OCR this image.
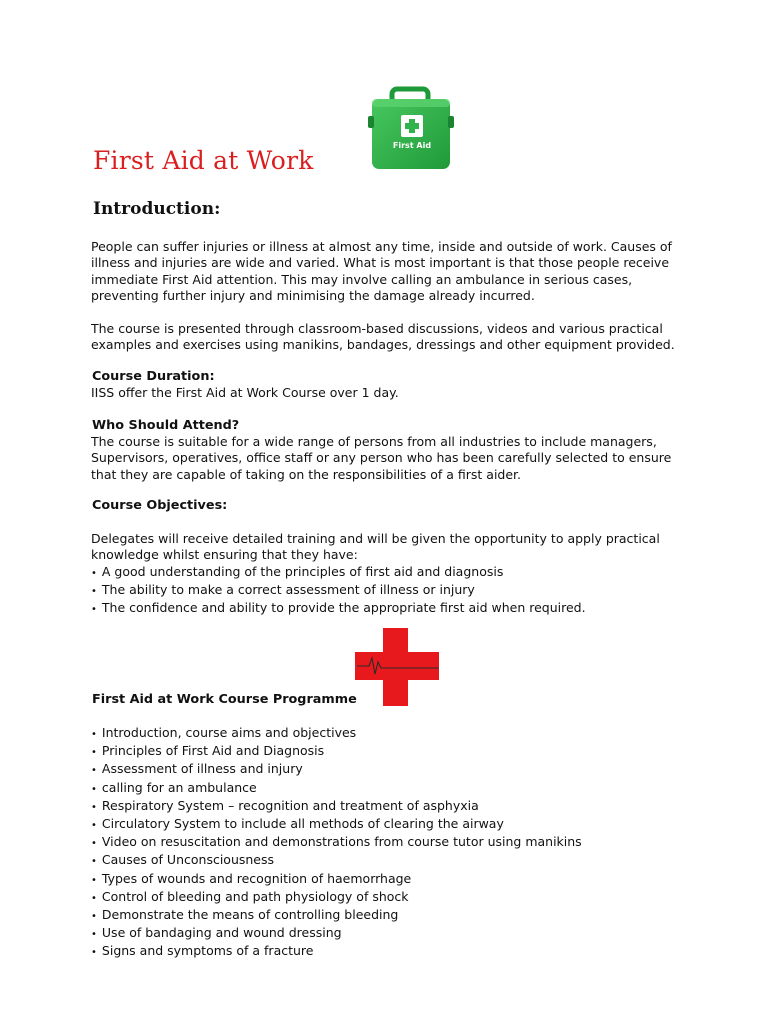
First Aid
First Aid at Work
Introduction:

People can suffer injuries or illness at almost any time, inside and outside of work. Causes of
illness and injuries are wide and varied. What is most important is that those people receive
immediate First Aid attention. This may involve calling an ambulance in serious cases,
preventing further injury and minimising the damage already incurred.

The course is presented through classroom-based discussions, videos and various practical
examples and exercises using manikins, bandages, dressings and other equipment provided.

Course Duration:

IISS offer the First Aid at Work Course over 1 day.

Who Should Attend?

The course is suitable for a wide range of persons from all industries to include managers,
Supervisors, operatives, office staff or any person who has been carefully selected to ensure
that they are capable of taking on the responsibilities of a first aider.

Course Objectives:

Delegates will receive detailed training and will be given the opportunity to apply practical
knowledge whilst ensuring that they have:
• A good understanding of the principles of first aid and diagnosis
• The ability to make a correct assessment of illness or injury
• The confidence and ability to provide the appropriate first aid when required.

First Aid at Work Course Programme
• Introduction, course aims and objectives
• Principles of First Aid and Diagnosis
• Assessment of illness and injury
• calling for an ambulance
• Respiratory System – recognition and treatment of asphyxia
• Circulatory System to include all methods of clearing the airway
• Video on resuscitation and demonstrations from course tutor using manikins
• Causes of Unconsciousness
• Types of wounds and recognition of haemorrhage
• Control of bleeding and path physiology of shock
• Demonstrate the means of controlling bleeding
• Use of bandaging and wound dressing
• Signs and symptoms of a fracture
